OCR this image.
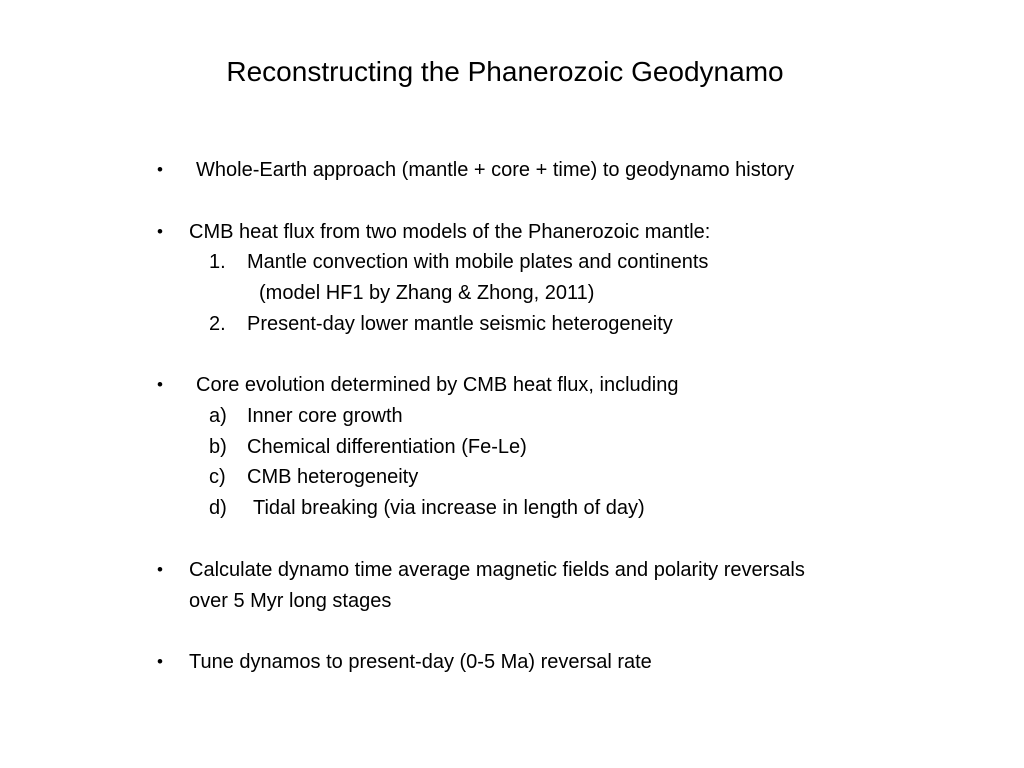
Reconstructing the Phanerozoic Geodynamo
• Whole-Earth approach (mantle + core + time) to geodynamo history
• CMB heat flux from two models of the Phanerozoic mantle:
1. Mantle convection with mobile plates and continents
(model HF1 by Zhang & Zhong, 2011)
2. Present-day lower mantle seismic heterogeneity
• Core evolution determined by CMB heat flux, including
a) Inner core growth
b) Chemical differentiation (Fe-Le)
c) CMB heterogeneity
d) Tidal breaking (via increase in length of day)
• Calculate dynamo time average magnetic fields and polarity reversals
over 5 Myr long stages
• Tune dynamos to present-day (0-5 Ma) reversal rate
